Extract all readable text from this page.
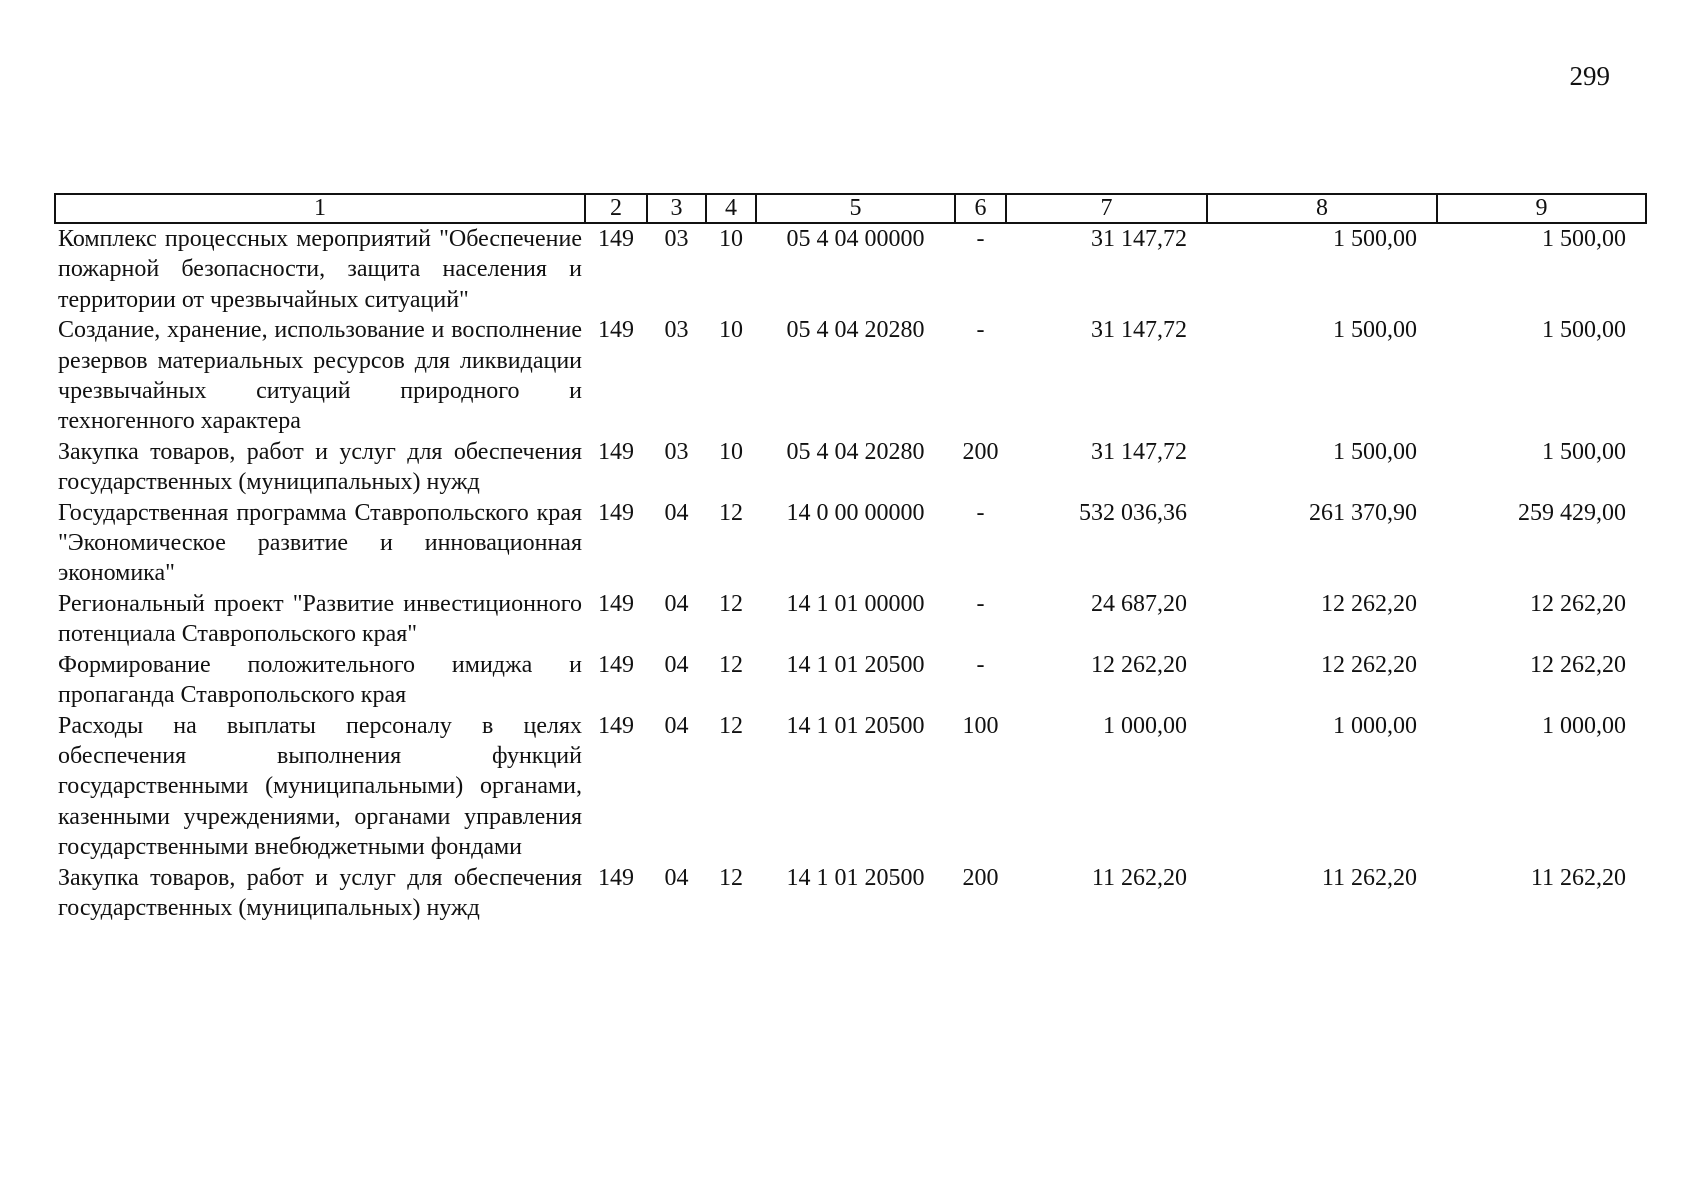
299
1	2	3	4	5	6	7	8	9
Комплекс процессных мероприятий "Обеспечение пожарной безопасности, защита населения и территории от чрезвычайных ситуаций"	149	03	10	05 4 04 00000	-	31 147,72	1 500,00	1 500,00
Создание, хранение, использование и восполнение резервов материальных ресурсов для ликвидации чрезвычайных ситуаций природного и техногенного характера	149	03	10	05 4 04 20280	-	31 147,72	1 500,00	1 500,00
Закупка товаров, работ и услуг для обеспечения государственных (муниципальных) нужд	149	03	10	05 4 04 20280	200	31 147,72	1 500,00	1 500,00
Государственная программа Ставропольского края "Экономическое развитие и инновационная экономика"	149	04	12	14 0 00 00000	-	532 036,36	261 370,90	259 429,00
Региональный проект "Развитие инвестиционного потенциала Ставропольского края"	149	04	12	14 1 01 00000	-	24 687,20	12 262,20	12 262,20
Формирование положительного имиджа и пропаганда Ставропольского края	149	04	12	14 1 01 20500	-	12 262,20	12 262,20	12 262,20
Расходы на выплаты персоналу в целях обеспечения выполнения функций государственными (муниципальными) органами, казенными учреждениями, органами управления государственными внебюджетными фондами	149	04	12	14 1 01 20500	100	1 000,00	1 000,00	1 000,00
Закупка товаров, работ и услуг для обеспечения государственных (муниципальных) нужд	149	04	12	14 1 01 20500	200	11 262,20	11 262,20	11 262,20
